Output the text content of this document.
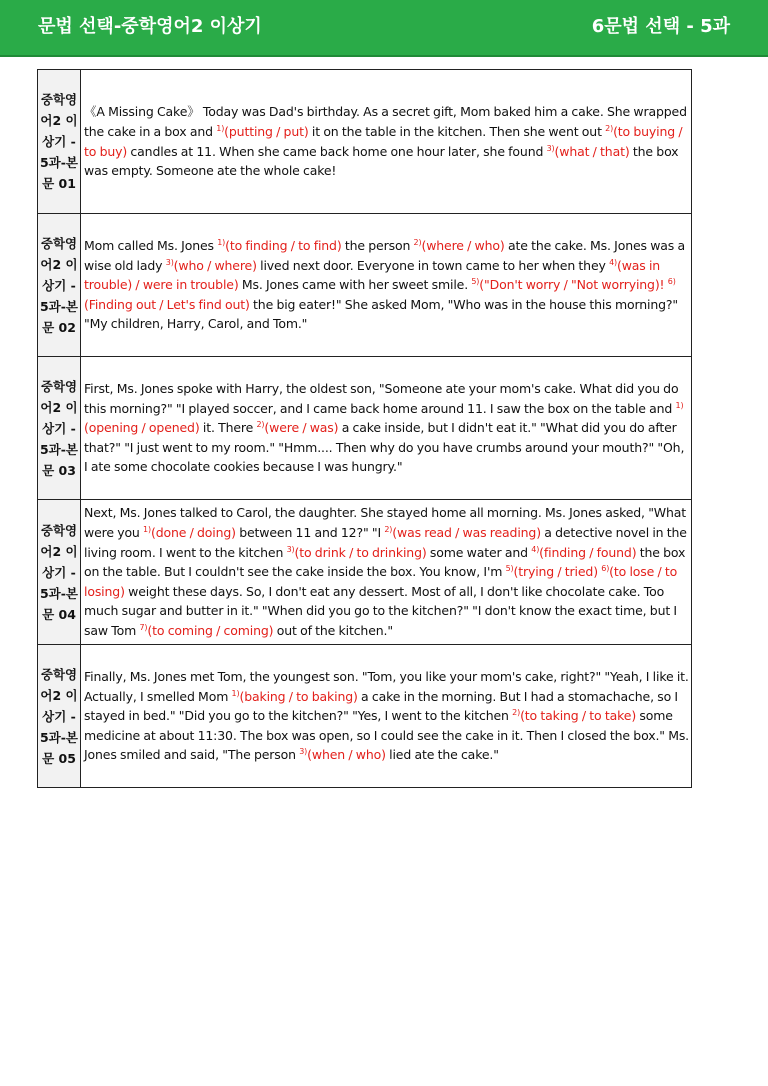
문법 선택-중학영어2 이상기	6문법 선택 - 5과
중학영어2 이상기 - 5과-본문 01	《A Missing Cake》 Today was Dad's birthday. As a secret gift, Mom baked him a cake. She wrapped the cake in a box and $^{1)}$(putting / put) it on the table in the kitchen. Then she went out $^{2)}$(to buying / to buy) candles at 11. When she came back home one hour later, she found $^{3)}$(what / that) the box was empty. Someone ate the whole cake!
중학영어2 이상기 - 5과-본문 02	Mom called Ms. Jones $^{1)}$(to finding / to find) the person $^{2)}$(where / who) ate the cake. Ms. Jones was a wise old lady $^{3)}$(who / where) lived next door. Everyone in town came to her when they $^{4)}$(was in trouble) / were in trouble) Ms. Jones came with her sweet smile. $^{5)}$("Don't worry / "Not worrying)! $^{6)}$(Finding out / Let's find out) the big eater!" She asked Mom, "Who was in the house this morning?" "My children, Harry, Carol, and Tom."
중학영어2 이상기 - 5과-본문 03	First, Ms. Jones spoke with Harry, the oldest son, "Someone ate your mom's cake. What did you do this morning?" "I played soccer, and I came back home around 11. I saw the box on the table and $^{1)}$(opening / opened) it. There $^{2)}$(were / was) a cake inside, but I didn't eat it." "What did you do after that?" "I just went to my room." "Hmm.... Then why do you have crumbs around your mouth?" "Oh, I ate some chocolate cookies because I was hungry."
중학영어2 이상기 - 5과-본문 04	Next, Ms. Jones talked to Carol, the daughter. She stayed home all morning. Ms. Jones asked, "What were you $^{1)}$(done / doing) between 11 and 12?" "I $^{2)}$(was read / was reading) a detective novel in the living room. I went to the kitchen $^{3)}$(to drink / to drinking) some water and $^{4)}$(finding / found) the box on the table. But I couldn't see the cake inside the box. You know, I'm $^{5)}$(trying / tried) $^{6)}$(to lose / to losing) weight these days. So, I don't eat any dessert. Most of all, I don't like chocolate cake. Too much sugar and butter in it." "When did you go to the kitchen?" "I don't know the exact time, but I saw Tom $^{7)}$(to coming / coming) out of the kitchen."
중학영어2 이상기 - 5과-본문 05	Finally, Ms. Jones met Tom, the youngest son. "Tom, you like your mom's cake, right?" "Yeah, I like it. Actually, I smelled Mom $^{1)}$(baking / to baking) a cake in the morning. But I had a stomachache, so I stayed in bed." "Did you go to the kitchen?" "Yes, I went to the kitchen $^{2)}$(to taking / to take) some medicine at about 11:30. The box was open, so I could see the cake in it. Then I closed the box." Ms. Jones smiled and said, "The person $^{3)}$(when / who) lied ate the cake."
